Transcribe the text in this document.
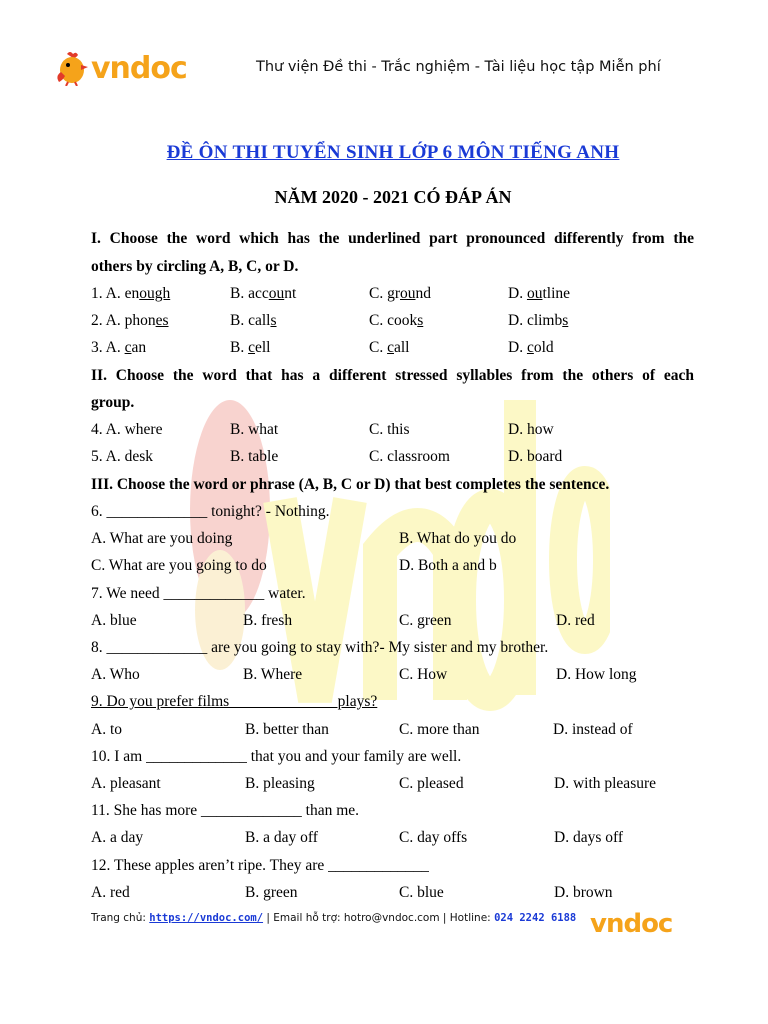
vndoc	Thư viện Đề thi - Trắc nghiệm - Tài liệu học tập Miễn phí
ĐỀ ÔN THI TUYỂN SINH LỚP 6 MÔN TIẾNG ANH
NĂM 2020 - 2021 CÓ ĐÁP ÁN
I. Choose the word which has the underlined part pronounced differently from the
others by circling A, B, C, or D.
1. A. enough	B. account	C. ground	D. outline
2. A. phones	B. calls	C. cooks	D. climbs
3. A. can	B. cell	C. call	D. cold
II. Choose the word that has a different stressed syllables from the others of each
group.
4. A. where	B. what	C. this	D. how
5. A. desk	B. table	C. classroom	D. board
III. Choose the word or phrase (A, B, C or D) that best completes the sentence.
6. _____________ tonight? - Nothing.
A. What are you doing	B. What do you do
C. What are you going to do	D. Both a and b
7. We need _____________ water.
A. blue	B. fresh	C. green	D. red
8. _____________ are you going to stay with?- My sister and my brother.
A. Who	B. Where	C. How	D. How long
9. Do you prefer films _____________ plays?
A. to	B. better than	C. more than	D. instead of
10. I am _____________ that you and your family are well.
A. pleasant	B. pleasing	C. pleased	D. with pleasure
11. She has more _____________ than me.
A. a day	B. a day off	C. day offs	D. days off
12. These apples aren’t ripe. They are _____________
A. red	B. green	C. blue	D. brown
Trang chủ: https://vndoc.com/ | Email hỗ trợ: hotro@vndoc.com | Hotline: 024 2242 6188 vndoc
